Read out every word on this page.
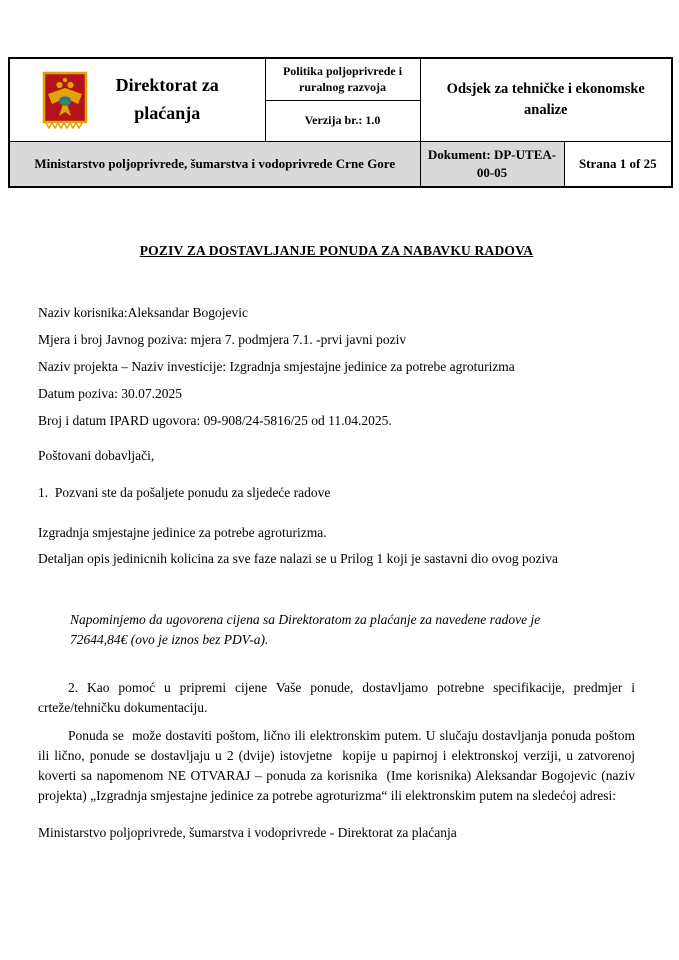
Direktorat za plaćanja	Politika poljoprivrede i ruralnog razvoja	Odsjek za tehničke i ekonomske analize	
	Verzija br.: 1.0		
Ministarstvo poljoprivrede, šumarstva i vodoprivrede Crne Gore		Dokument: DP-UTEA-00-05	Strana 1 of 25
POZIV ZA DOSTAVLJANJE PONUDA ZA NABAVKU RADOVA

Naziv korisnika:Aleksandar Bogojevic

Mjera i broj Javnog poziva: mjera 7. podmjera 7.1. -prvi javni poziv

Naziv projekta – Naziv investicije: Izgradnja smjestajne jedinice za potrebe agroturizma

Datum poziva: 30.07.2025

Broj i datum IPARD ugovora: 09-908/24-5816/25 od 11.04.2025.

Poštovani dobavljači,

1.  Pozvani ste da pošaljete ponudu za sljedeće radove

Izgradnja smjestajne jedinice za potrebe agroturizma.

Detaljan opis jedinicnih kolicina za sve faze nalazi se u Prilog 1 koji je sastavni dio ovog poziva

Napominjemo da ugovorena cijena sa Direktoratom za plaćanje za navedene radove je 72644,84€ (ovo je iznos bez PDV-a).

2. Kao pomoć u pripremi cijene Vaše ponude, dostavljamo potrebne specifikacije, predmjer i crteže/tehničku dokumentaciju.

Ponuda se  može dostaviti poštom, lično ili elektronskim putem. U slučaju dostavljanja ponuda poštom ili lično, ponude se dostavljaju u 2 (dvije) istovjetne  kopije u papirnoj i elektronskoj verziji, u zatvorenoj koverti sa napomenom NE OTVARAJ – ponuda za korisnika  (Ime korisnika) Aleksandar Bogojevic (naziv projekta) „Izgradnja smjestajne jedinice za potrebe agroturizma“ ili elektronskim putem na sledećoj adresi:

Ministarstvo poljoprivrede, šumarstva i vodoprivrede - Direktorat za plaćanja
